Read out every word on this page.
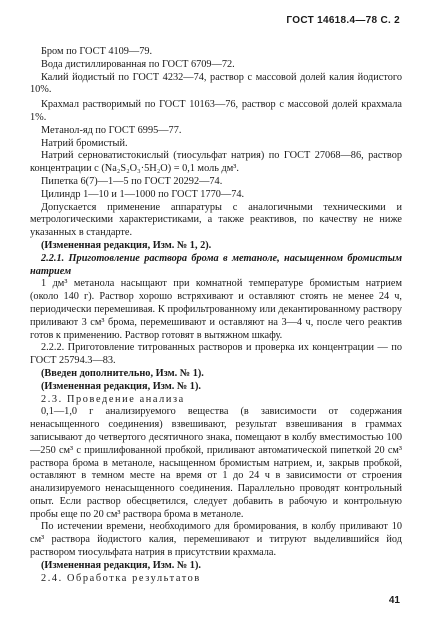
ГОСТ 14618.4—78 С. 2

Бром по ГОСТ 4109—79.

Вода дистиллированная по ГОСТ 6709—72.

Калий йодистый по ГОСТ 4232—74, раствор с массовой долей калия йодистого 10%.

Крахмал растворимый по ГОСТ 10163—76, раствор с массовой долей крахмала 1%.

Метанол-яд по ГОСТ 6995—77.

Натрий бромистый.

Натрий серноватистокислый (тиосульфат натрия) по ГОСТ 27068—86, раствор концентрации с (Na₂S₂O₃·5H₂O) = 0,1 моль дм³.

Пипетка 6(7)—1—5 по ГОСТ 20292—74.

Цилиндр 1—10 и 1—1000 по ГОСТ 1770—74.

Допускается применение аппаратуры с аналогичными техническими и метрологическими характеристиками, а также реактивов, по качеству не ниже указанных в стандарте.

(Измененная редакция, Изм. № 1, 2).

2.2.1. Приготовление раствора брома в метаноле, насыщенном бромистым натрием

1 дм³ метанола насыщают при комнатной температуре бромистым натрием (около 140 г). Раствор хорошо встряхивают и оставляют стоять не менее 24 ч, периодически перемешивая. К профильтрованному или декантированному раствору приливают 3 см³ брома, перемешивают и оставляют на 3—4 ч, после чего реактив готов к применению. Раствор готовят в вытяжном шкафу.

2.2.2. Приготовление титрованных растворов и проверка их концентрации — по ГОСТ 25794.3—83.

(Введен дополнительно, Изм. № 1).

(Измененная редакция, Изм. № 1).

2.3. Проведение анализа

0,1—1,0 г анализируемого вещества (в зависимости от содержания ненасыщенного соединения) взвешивают, результат взвешивания в граммах записывают до четвертого десятичного знака, помещают в колбу вместимостью 100—250 см³ с пришлифованной пробкой, приливают автоматической пипеткой 20 см³ раствора брома в метаноле, насыщенном бромистым натрием, и, закрыв пробкой, оставляют в темном месте на время от 1 до 24 ч в зависимости от строения анализируемого ненасыщенного соединения. Параллельно проводят контрольный опыт. Если раствор обесцветился, следует добавить в рабочую и контрольную пробы еще по 20 см³ раствора брома в метаноле.

По истечении времени, необходимого для бромирования, в колбу приливают 10 см³ раствора йодистого калия, перемешивают и титруют выделившийся йод раствором тиосульфата натрия в присутствии крахмала.

(Измененная редакция, Изм. № 1).

2.4. Обработка результатов

41
